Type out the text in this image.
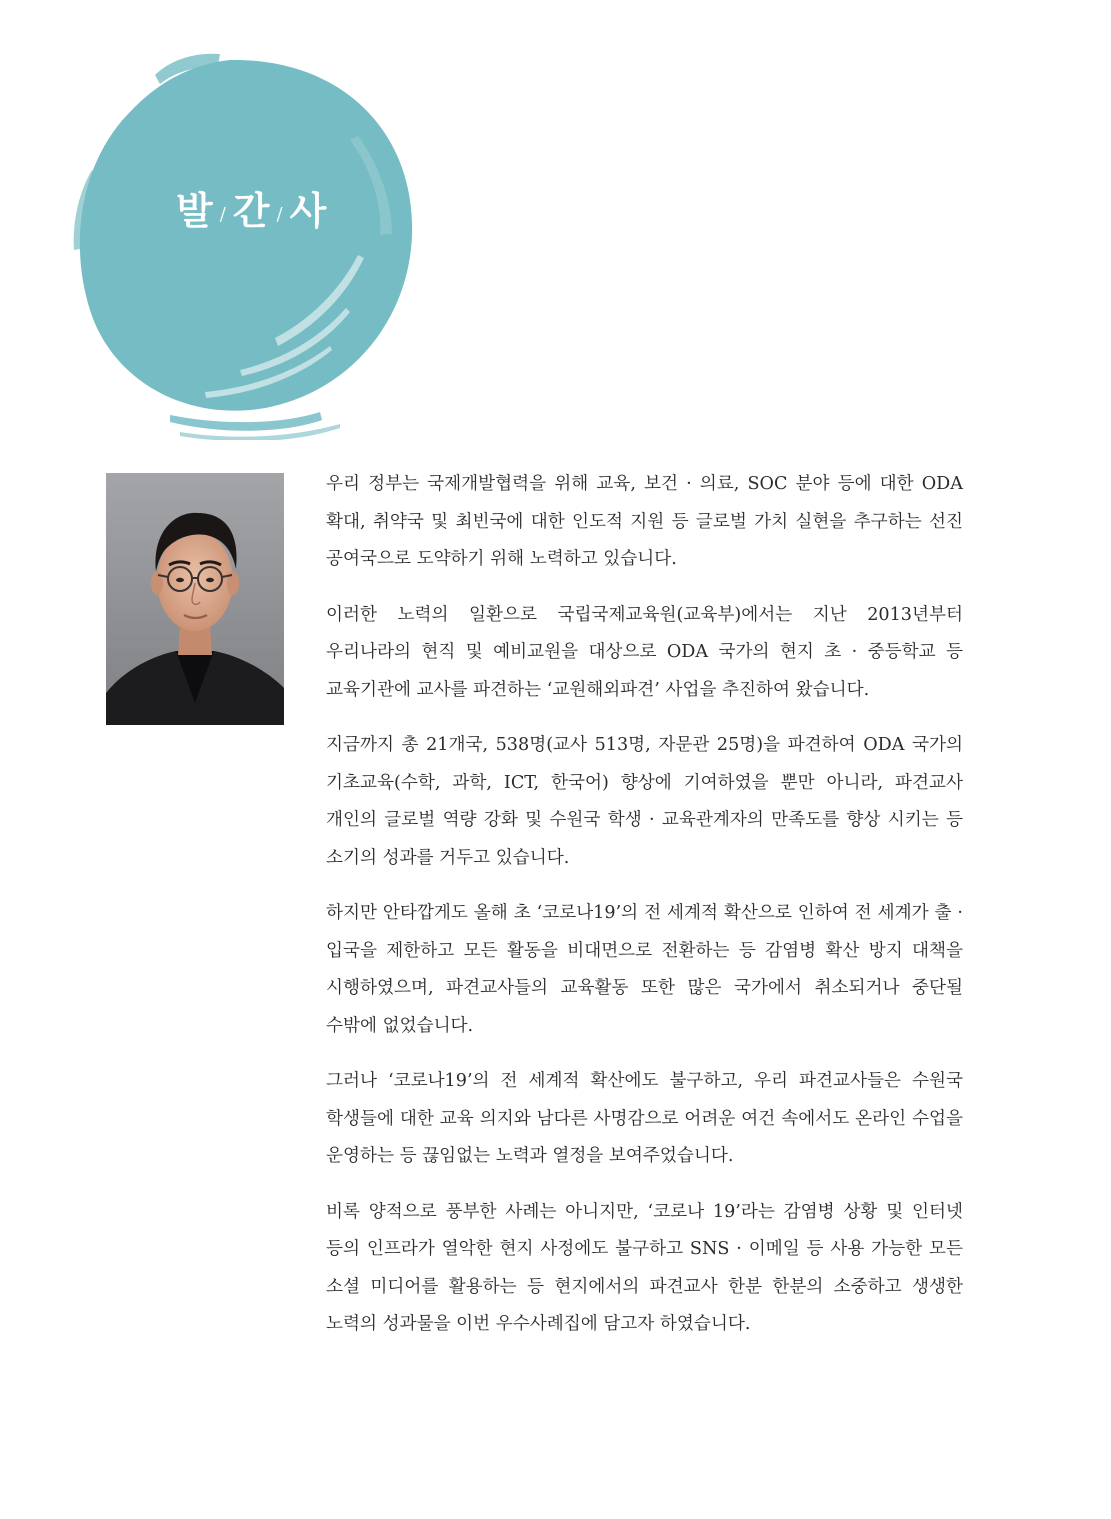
발 / 간 / 사

우리 정부는 국제개발협력을 위해 교육, 보건 · 의료, SOC 분야 등에 대한 ODA 확대, 취약국 및 최빈국에 대한 인도적 지원 등 글로벌 가치 실현을 추구하는 선진 공여국으로 도약하기 위해 노력하고 있습니다.

이러한 노력의 일환으로 국립국제교육원(교육부)에서는 지난 2013년부터 우리나라의 현직 및 예비교원을 대상으로 ODA 국가의 현지 초 · 중등학교 등 교육기관에 교사를 파견하는 ‘교원해외파견’ 사업을 추진하여 왔습니다.

지금까지 총 21개국, 538명(교사 513명, 자문관 25명)을 파견하여 ODA 국가의 기초교육(수학, 과학, ICT, 한국어) 향상에 기여하였을 뿐만 아니라, 파견교사 개인의 글로벌 역량 강화 및 수원국 학생 · 교육관계자의 만족도를 향상 시키는 등 소기의 성과를 거두고 있습니다.

하지만 안타깝게도 올해 초 ‘코로나19’의 전 세계적 확산으로 인하여 전 세계가 출 · 입국을 제한하고 모든 활동을 비대면으로 전환하는 등 감염병 확산 방지 대책을 시행하였으며, 파견교사들의 교육활동 또한 많은 국가에서 취소되거나 중단될 수밖에 없었습니다.

그러나 ‘코로나19’의 전 세계적 확산에도 불구하고, 우리 파견교사들은 수원국 학생들에 대한 교육 의지와 남다른 사명감으로 어려운 여건 속에서도 온라인 수업을 운영하는 등 끊임없는 노력과 열정을 보여주었습니다.

비록 양적으로 풍부한 사례는 아니지만, ‘코로나 19’라는 감염병 상황 및 인터넷 등의 인프라가 열악한 현지 사정에도 불구하고 SNS · 이메일 등 사용 가능한 모든 소셜 미디어를 활용하는 등 현지에서의 파견교사 한분 한분의 소중하고 생생한 노력의 성과물을 이번 우수사례집에 담고자 하였습니다.
